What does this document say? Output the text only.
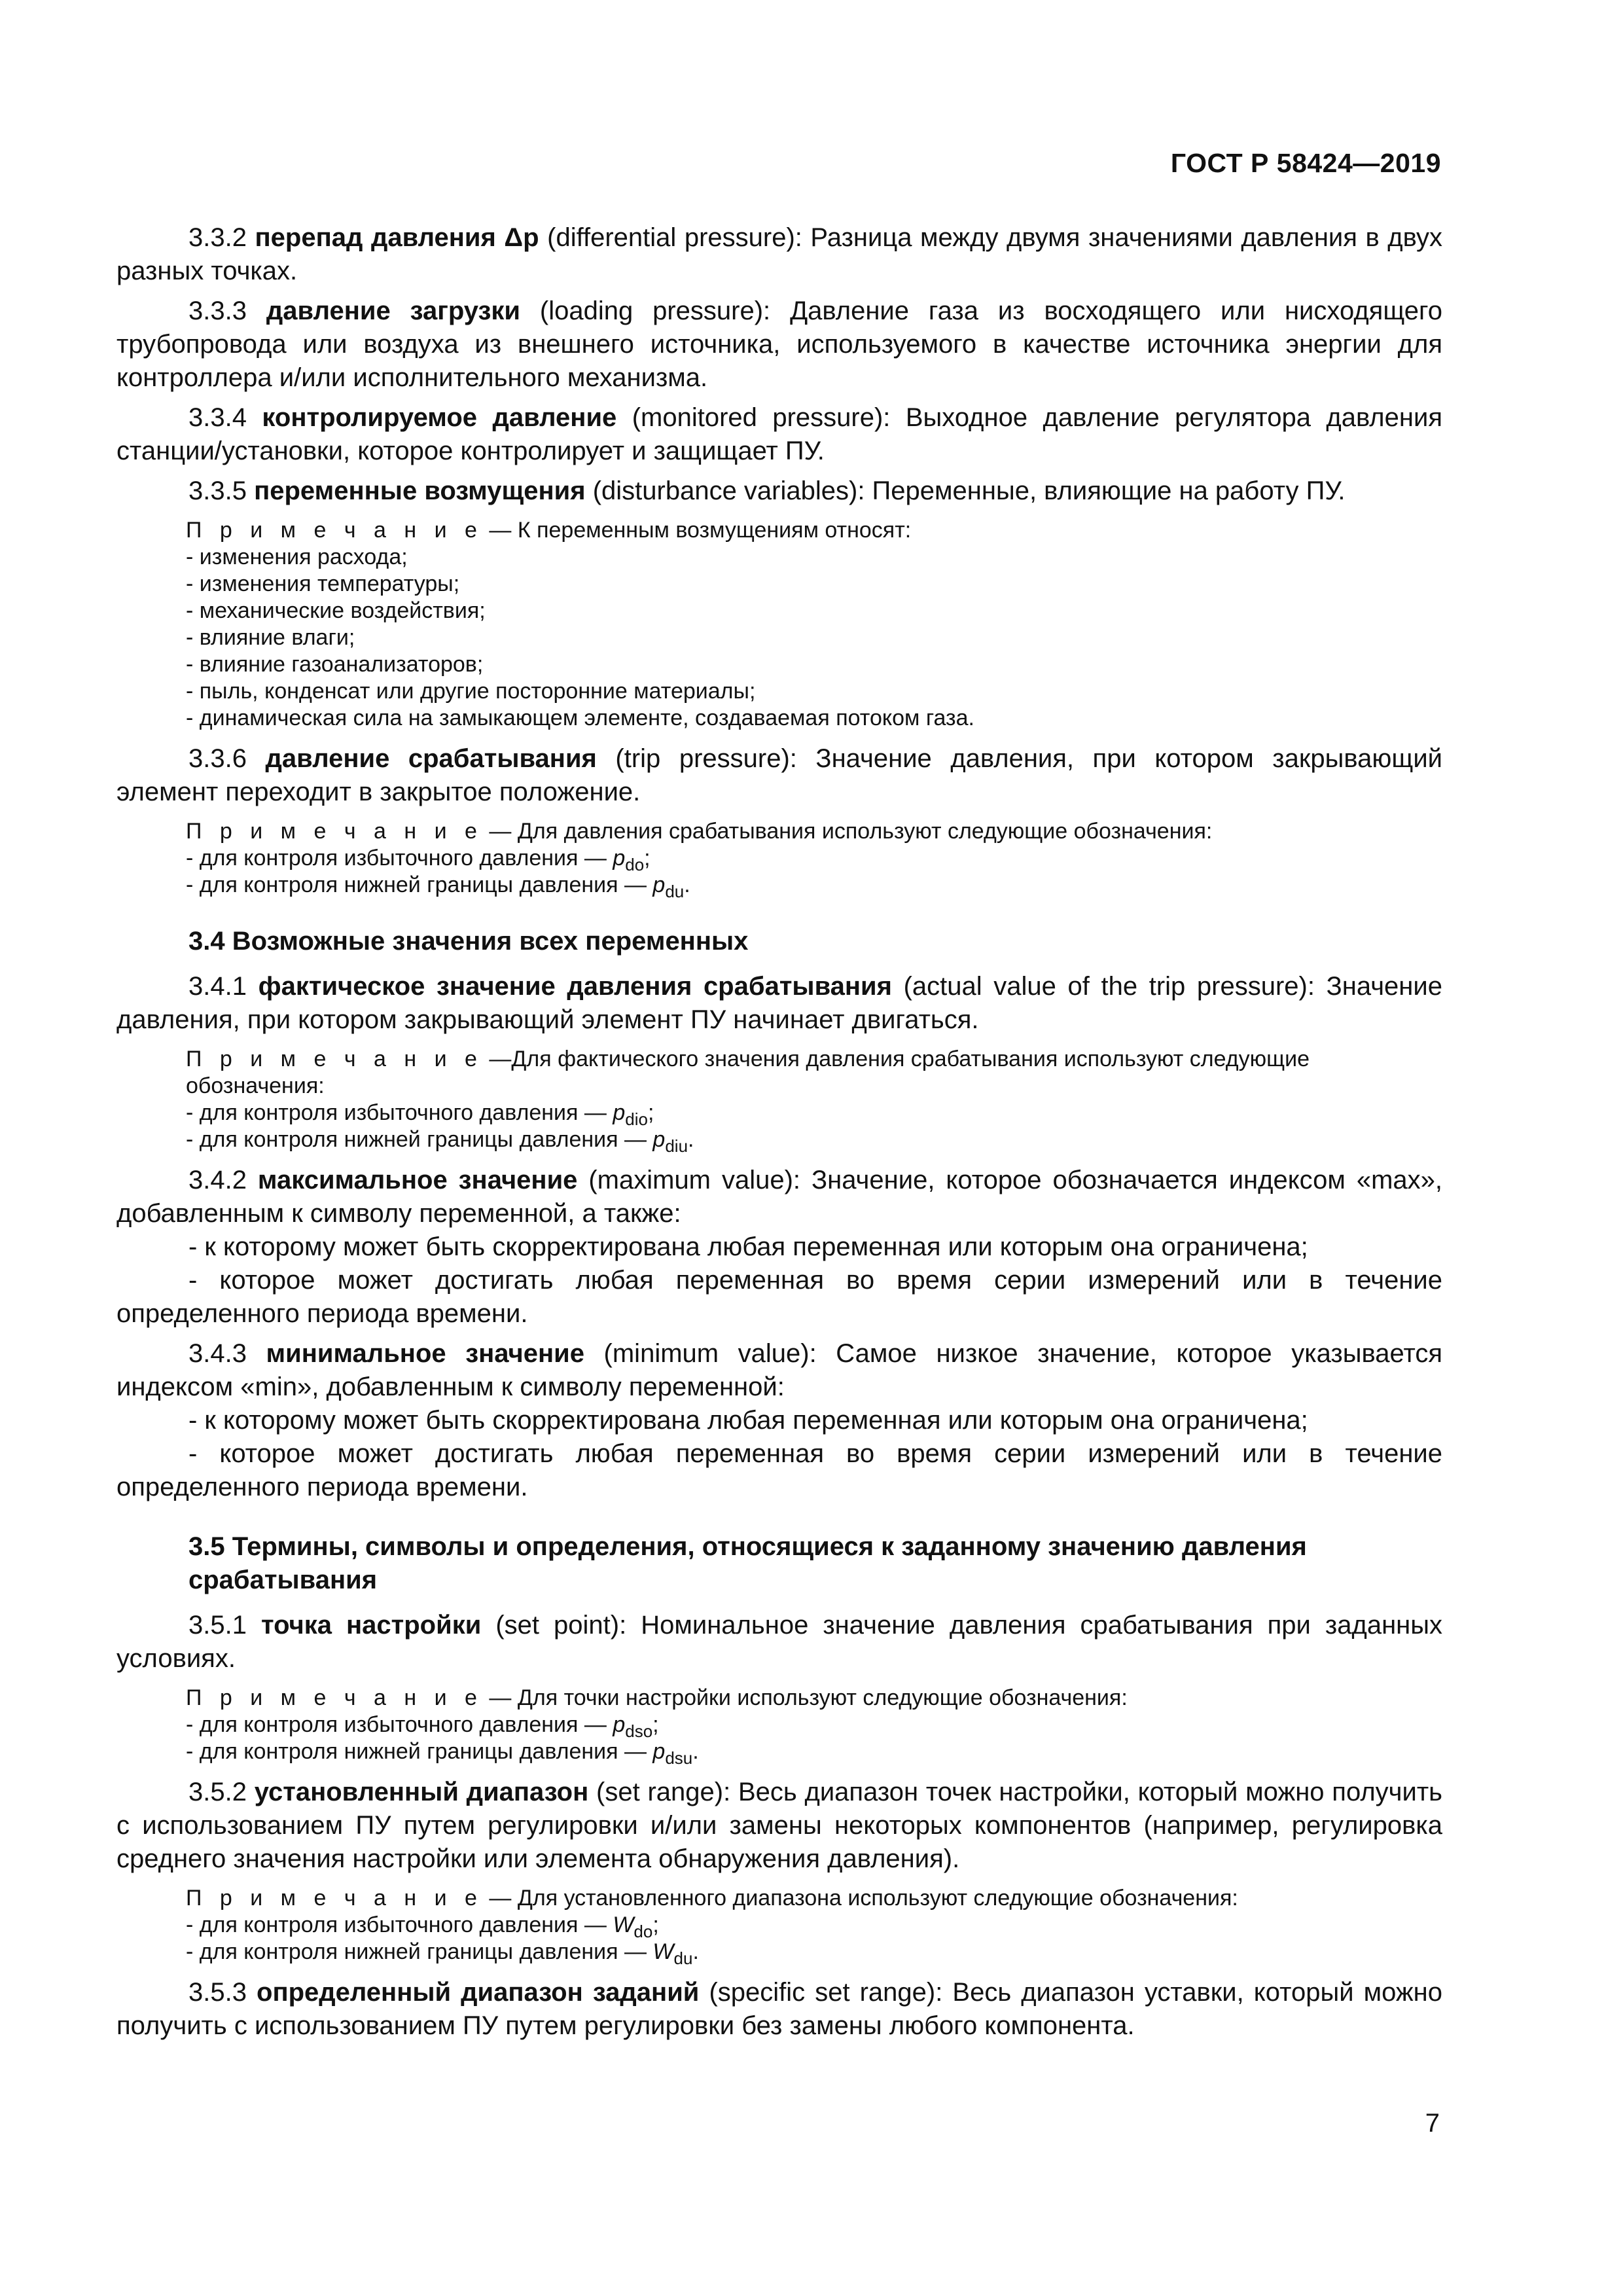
ГОСТ Р 58424—2019

3.3.2 перепад давления Δр (differential pressure): Разница между двумя значениями давления в двух разных точках.

3.3.3 давление загрузки (loading pressure): Давление газа из восходящего или нисходящего трубопровода или воздуха из внешнего источника, используемого в качестве источника энергии для контроллера и/или исполнительного механизма.

3.3.4 контролируемое давление (monitored pressure): Выходное давление регулятора давления станции/установки, которое контролирует и защищает ПУ.

3.3.5 переменные возмущения (disturbance variables): Переменные, влияющие на работу ПУ.

П р и м е ч а н и е — К переменным возмущениям относят:

- изменения расхода;

- изменения температуры;

- механические воздействия;

- влияние влаги;

- влияние газоанализаторов;

- пыль, конденсат или другие посторонние материалы;

- динамическая сила на замыкающем элементе, создаваемая потоком газа.

3.3.6 давление срабатывания (trip pressure): Значение давления, при котором закрывающий элемент переходит в закрытое положение.

П р и м е ч а н и е — Для давления срабатывания используют следующие обозначения:

- для контроля избыточного давления — $p_{do}$;

- для контроля нижней границы давления — $p_{du}$.

3.4 Возможные значения всех переменных

3.4.1 фактическое значение давления срабатывания (actual value of the trip pressure): Значение давления, при котором закрывающий элемент ПУ начинает двигаться.

П р и м е ч а н и е —Для фактического значения давления срабатывания используют следующие обозначения:

- для контроля избыточного давления — $p_{dio}$;

- для контроля нижней границы давления — $p_{diu}$.

3.4.2 максимальное значение (maximum value): Значение, которое обозначается индексом «max», добавленным к символу переменной, а также:

- к которому может быть скорректирована любая переменная или которым она ограничена;

- которое может достигать любая переменная во время серии измерений или в течение определенного периода времени.

3.4.3 минимальное значение (minimum value): Самое низкое значение, которое указывается индексом «min», добавленным к символу переменной:

- к которому может быть скорректирована любая переменная или которым она ограничена;

- которое может достигать любая переменная во время серии измерений или в течение определенного периода времени.

3.5 Термины, символы и определения, относящиеся к заданному значению давления срабатывания

3.5.1 точка настройки (set point): Номинальное значение давления срабатывания при заданных условиях.

П р и м е ч а н и е — Для точки настройки используют следующие обозначения:

- для контроля избыточного давления — $p_{dso}$;

- для контроля нижней границы давления — $p_{dsu}$.

3.5.2 установленный диапазон (set range): Весь диапазон точек настройки, который можно получить с использованием ПУ путем регулировки и/или замены некоторых компонентов (например, регулировка среднего значения настройки или элемента обнаружения давления).

П р и м е ч а н и е — Для установленного диапазона используют следующие обозначения:

- для контроля избыточного давления — $W_{do}$;

- для контроля нижней границы давления — $W_{du}$.

3.5.3 определенный диапазон заданий (specific set range): Весь диапазон уставки, который можно получить с использованием ПУ путем регулировки без замены любого компонента.

7
